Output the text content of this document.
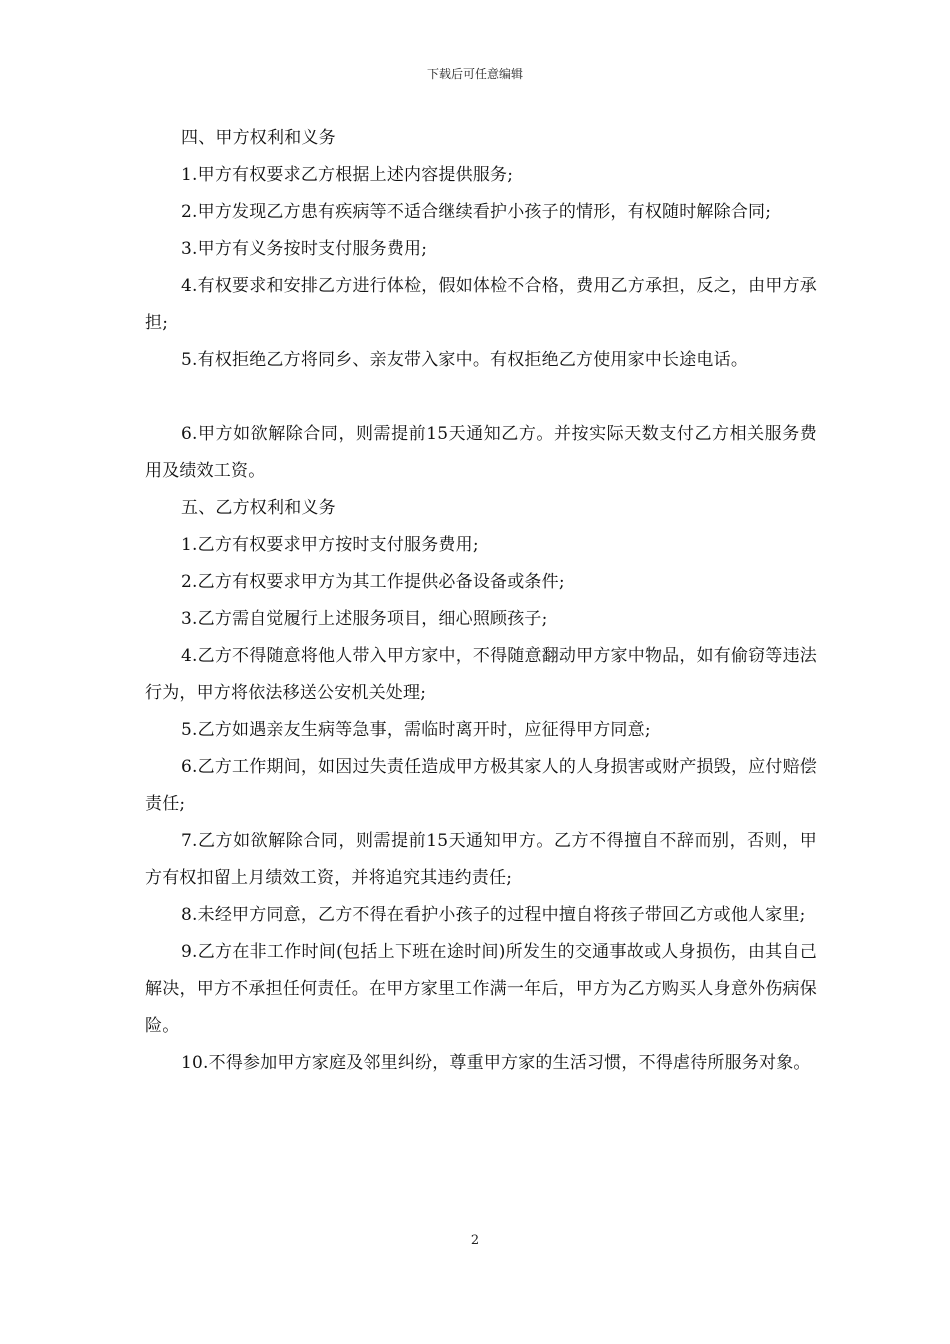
下载后可任意编辑

四、甲方权利和义务

1.甲方有权要求乙方根据上述内容提供服务;

2.甲方发现乙方患有疾病等不适合继续看护小孩子的情形，有权随时解除合同;

3.甲方有义务按时支付服务费用;

4.有权要求和安排乙方进行体检，假如体检不合格，费用乙方承担，反之，由甲方承担;

5.有权拒绝乙方将同乡、亲友带入家中。有权拒绝乙方使用家中长途电话。

6.甲方如欲解除合同，则需提前15天通知乙方。并按实际天数支付乙方相关服务费用及绩效工资。

五、乙方权利和义务

1.乙方有权要求甲方按时支付服务费用;

2.乙方有权要求甲方为其工作提供必备设备或条件;

3.乙方需自觉履行上述服务项目，细心照顾孩子;

4.乙方不得随意将他人带入甲方家中，不得随意翻动甲方家中物品，如有偷窃等违法行为，甲方将依法移送公安机关处理;

5.乙方如遇亲友生病等急事，需临时离开时，应征得甲方同意;

6.乙方工作期间，如因过失责任造成甲方极其家人的人身损害或财产损毁，应付赔偿责任;

7.乙方如欲解除合同，则需提前15天通知甲方。乙方不得擅自不辞而别，否则，甲方有权扣留上月绩效工资，并将追究其违约责任;

8.未经甲方同意，乙方不得在看护小孩子的过程中擅自将孩子带回乙方或他人家里;

9.乙方在非工作时间(包括上下班在途时间)所发生的交通事故或人身损伤，由其自己解决，甲方不承担任何责任。在甲方家里工作满一年后，甲方为乙方购买人身意外伤病保险。

10.不得参加甲方家庭及邻里纠纷，尊重甲方家的生活习惯，不得虐待所服务对象。

2
